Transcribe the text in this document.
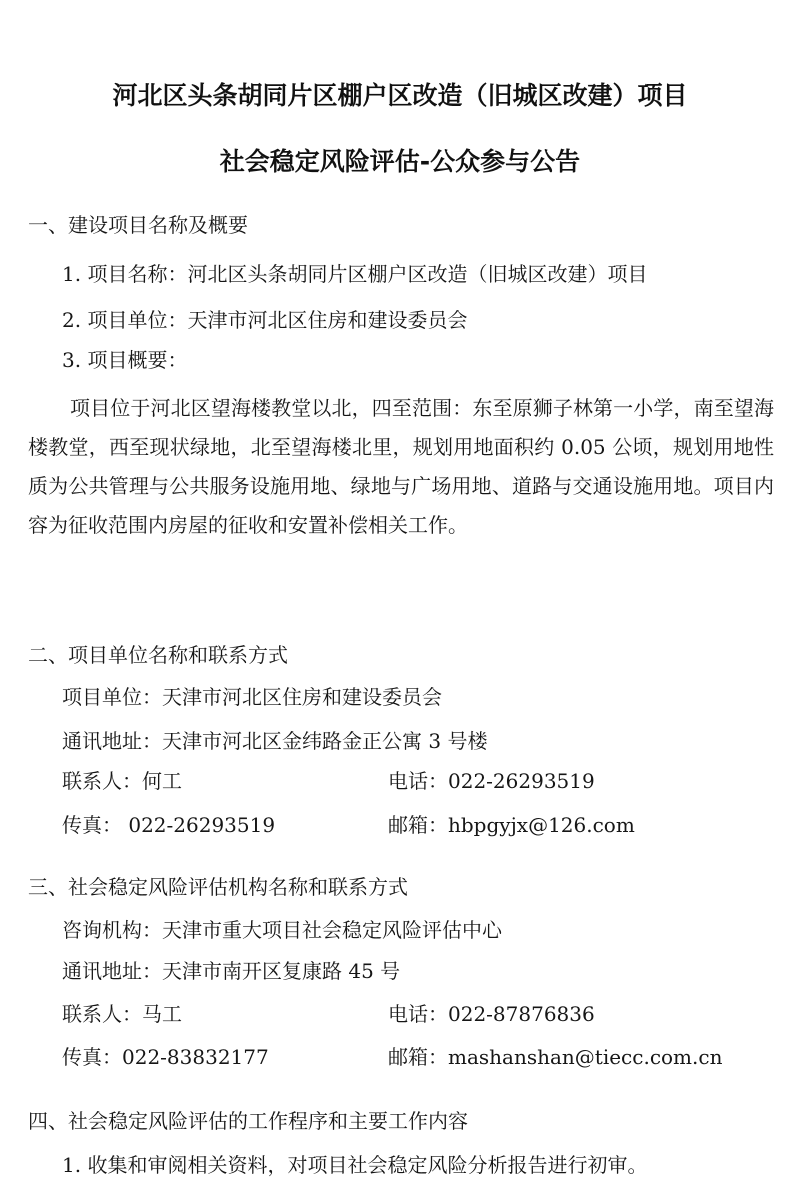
河北区头条胡同片区棚户区改造（旧城区改建）项目
社会稳定风险评估-公众参与公告
一、建设项目名称及概要
1. 项目名称：河北区头条胡同片区棚户区改造（旧城区改建）项目
2. 项目单位：天津市河北区住房和建设委员会
3. 项目概要：
项目位于河北区望海楼教堂以北，四至范围：东至原狮子林第一小学，南至望海楼教堂，西至现状绿地，北至望海楼北里，规划用地面积约 0.05 公顷，规划用地性质为公共管理与公共服务设施用地、绿地与广场用地、道路与交通设施用地。项目内容为征收范围内房屋的征收和安置补偿相关工作。
二、项目单位名称和联系方式
项目单位：天津市河北区住房和建设委员会
通讯地址：天津市河北区金纬路金正公寓 3 号楼
联系人：何工	电话：022-26293519
传真： 022-26293519	邮箱：hbpgyjx@126.com
三、社会稳定风险评估机构名称和联系方式
咨询机构：天津市重大项目社会稳定风险评估中心
通讯地址：天津市南开区复康路 45 号
联系人：马工	电话：022-87876836
传真：022-83832177	邮箱：mashanshan@tiecc.com.cn
四、社会稳定风险评估的工作程序和主要工作内容
1. 收集和审阅相关资料，对项目社会稳定风险分析报告进行初审。
